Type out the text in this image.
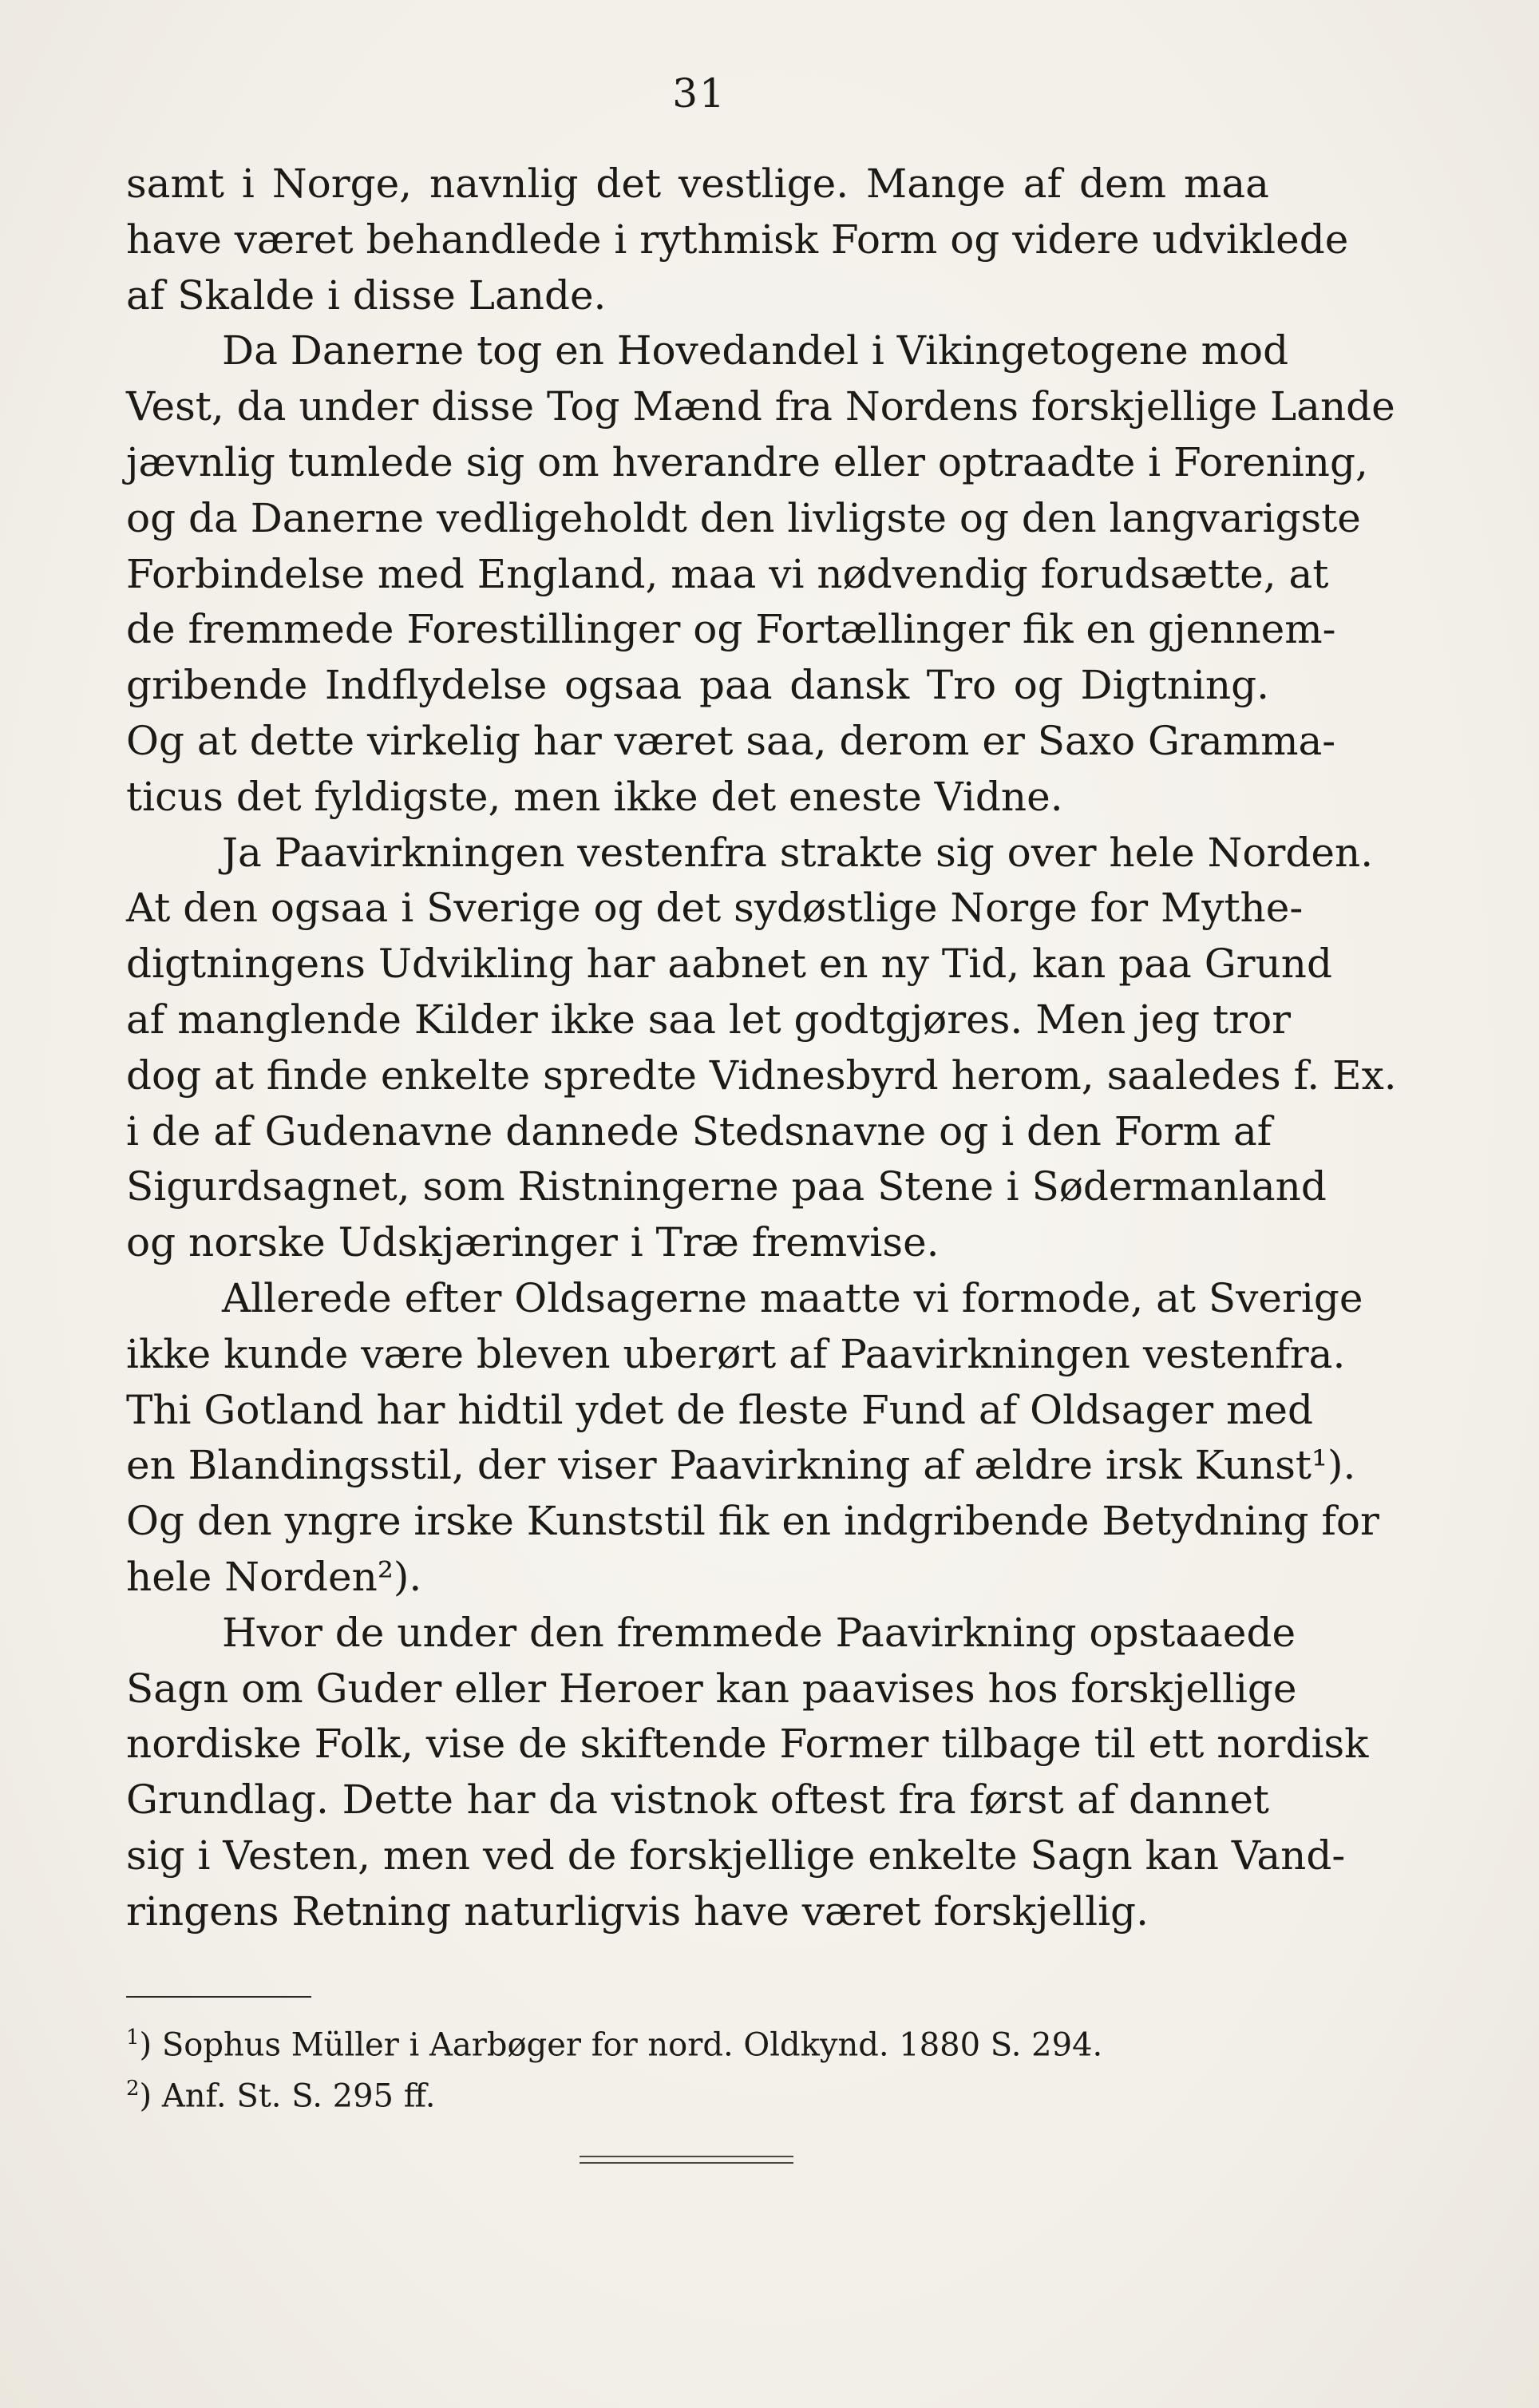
31
samt i Norge, navnlig det vestlige. Mange af dem maa
have været behandlede i rythmisk Form og videre udviklede
af Skalde i disse Lande.
Da Danerne tog en Hovedandel i Vikingetogene mod
Vest, da under disse Tog Mænd fra Nordens forskjellige Lande
jævnlig tumlede sig om hverandre eller optraadte i Forening,
og da Danerne vedligeholdt den livligste og den langvarigste
Forbindelse med England, maa vi nødvendig forudsætte, at
de fremmede Forestillinger og Fortællinger fik en gjennem-
gribende Indflydelse ogsaa paa dansk Tro og Digtning.
Og at dette virkelig har været saa, derom er Saxo Gramma-
ticus det fyldigste, men ikke det eneste Vidne.
Ja Paavirkningen vestenfra strakte sig over hele Norden.
At den ogsaa i Sverige og det sydøstlige Norge for Mythe-
digtningens Udvikling har aabnet en ny Tid, kan paa Grund
af manglende Kilder ikke saa let godtgjøres. Men jeg tror
dog at finde enkelte spredte Vidnesbyrd herom, saaledes f. Ex.
i de af Gudenavne dannede Stedsnavne og i den Form af
Sigurdsagnet, som Ristningerne paa Stene i Sødermanland
og norske Udskjæringer i Træ fremvise.
Allerede efter Oldsagerne maatte vi formode, at Sverige
ikke kunde være bleven uberørt af Paavirkningen vestenfra.
Thi Gotland har hidtil ydet de fleste Fund af Oldsager med
en Blandingsstil, der viser Paavirkning af ældre irsk Kunst¹).
Og den yngre irske Kunststil fik en indgribende Betydning for
hele Norden²).
Hvor de under den fremmede Paavirkning opstaaede
Sagn om Guder eller Heroer kan paavises hos forskjellige
nordiske Folk, vise de skiftende Former tilbage til ett nordisk
Grundlag. Dette har da vistnok oftest fra først af dannet
sig i Vesten, men ved de forskjellige enkelte Sagn kan Vand-
ringens Retning naturligvis have været forskjellig.
$^1$) Sophus Müller i Aarbøger for nord. Oldkynd. 1880 S. 294.
$^2$) Anf. St. S. 295 ff.
